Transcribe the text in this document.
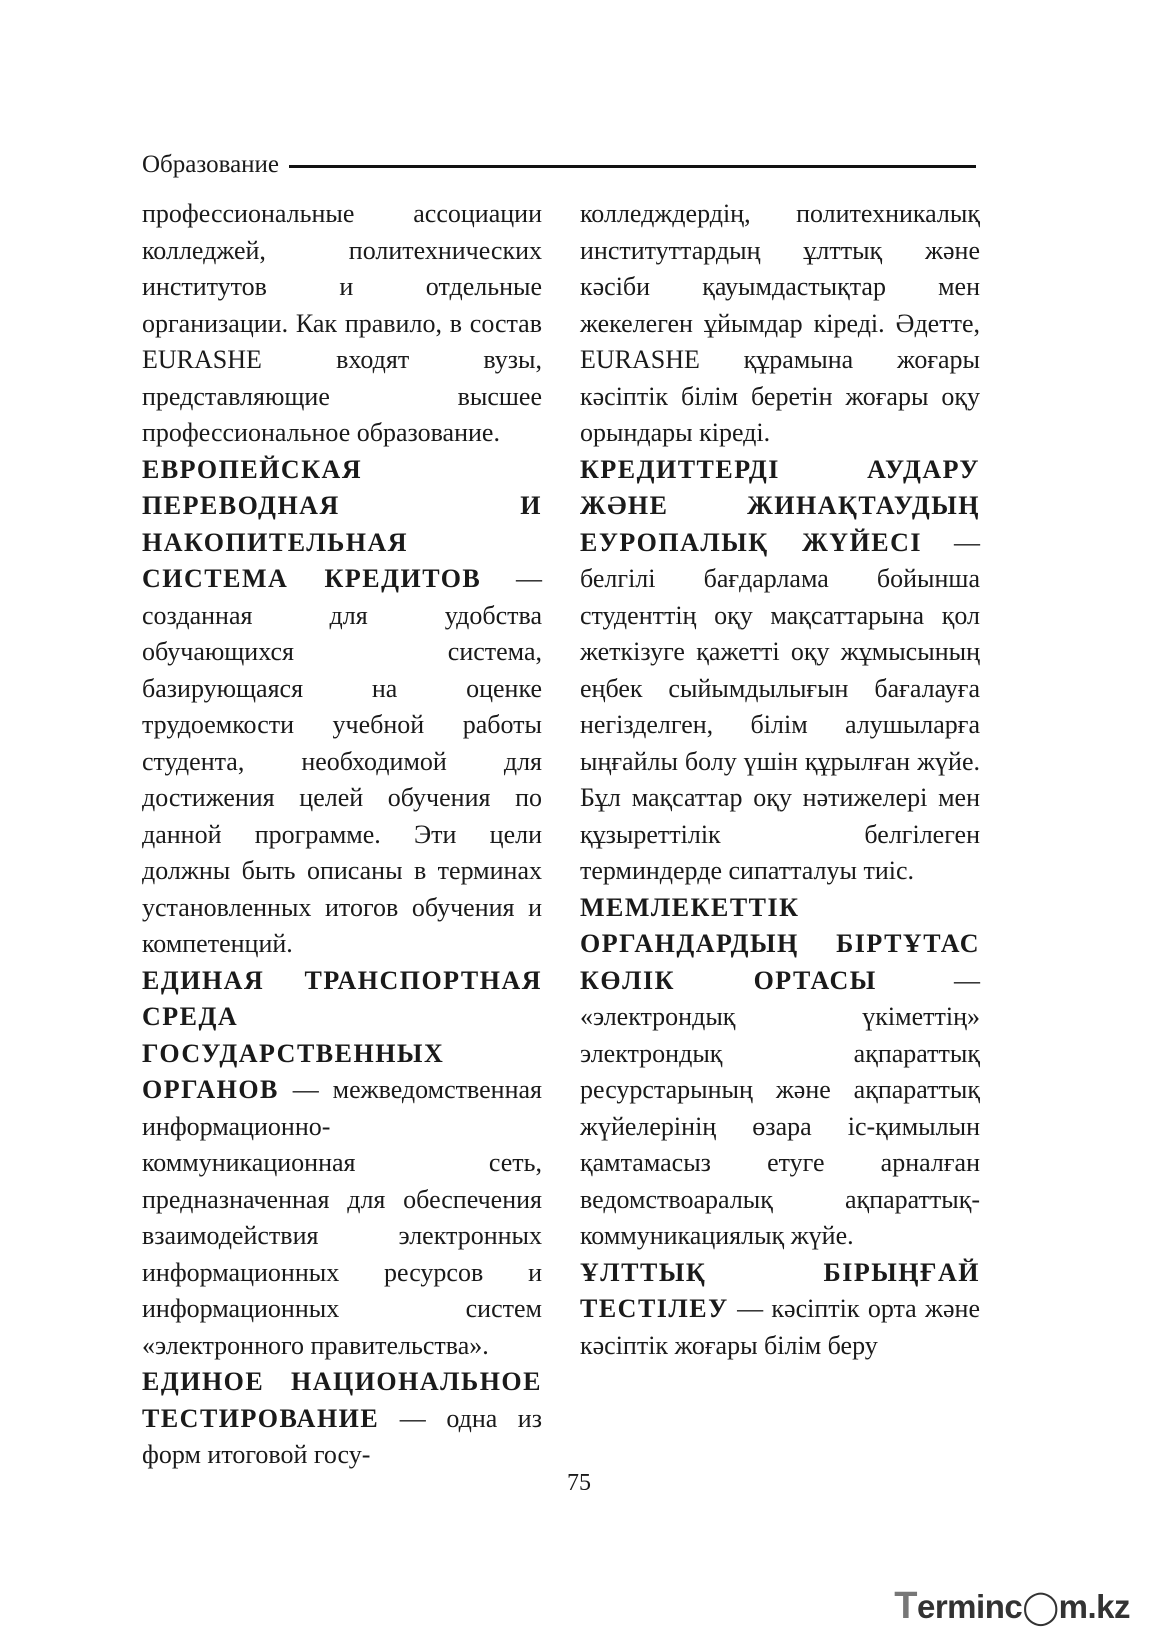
Образование

профессиональные ассоциации колледжей, политехнических институтов и отдельные организации. Как правило, в состав EURASHE входят вузы, представляющие высшее профессиональное образование.

ЕВРОПЕЙСКАЯ ПЕРЕВОДНАЯ И НАКОПИТЕЛЬНАЯ СИСТЕМА КРЕДИТОВ — созданная для удобства обучающихся система, базирующаяся на оценке трудоемкости учебной работы студента, необходимой для достижения целей обучения по данной программе. Эти цели должны быть описаны в терминах установленных итогов обучения и компетенций.

ЕДИНАЯ ТРАНСПОРТНАЯ СРЕДА ГОСУДАРСТВЕННЫХ ОРГАНОВ — межведомственная информационно-коммуникационная сеть, предназначенная для обеспечения взаимодействия электронных информационных ресурсов и информационных систем «электронного правительства».

ЕДИНОЕ НАЦИОНАЛЬНОЕ ТЕСТИРОВАНИЕ — одна из форм итоговой госу-

колледждердің, политехникалық институттардың ұлттық және кәсіби қауымдастықтар мен жекелеген ұйымдар кіреді. Әдетте, EURASHE құрамына жоғары кәсіптік білім беретін жоғары оқу орындары кіреді.

КРЕДИТТЕРДІ АУДАРУ ЖӘНЕ ЖИНАҚТАУДЫҢ ЕУРОПАЛЫҚ ЖҮЙЕСІ — белгілі бағдарлама бойынша студенттің оқу мақсаттарына қол жеткізуге қажетті оқу жұмысының еңбек сыйымдылығын бағалауға негізделген, білім алушыларға ыңғайлы болу үшін құрылған жүйе. Бұл мақсаттар оқу нәтижелері мен құзыреттілік белгілеген терминдерде сипатталуы тиіс.

МЕМЛЕКЕТТІК ОРГАНДАРДЫҢ БІРТҰТАС КӨЛІК ОРТАСЫ — «электрондық үкіметтің» электрондық ақпараттық ресурстарының және ақпараттық жүйелерінің өзара іс-қимылын қамтамасыз етуге арналған ведомствоаралық ақпараттық-коммуникациялық жүйе.

ҰЛТТЫҚ БІРЫҢҒАЙ ТЕСТІЛЕУ — кәсіптік орта және кәсіптік жоғары білім беру

75
Terminc◯m.kz
